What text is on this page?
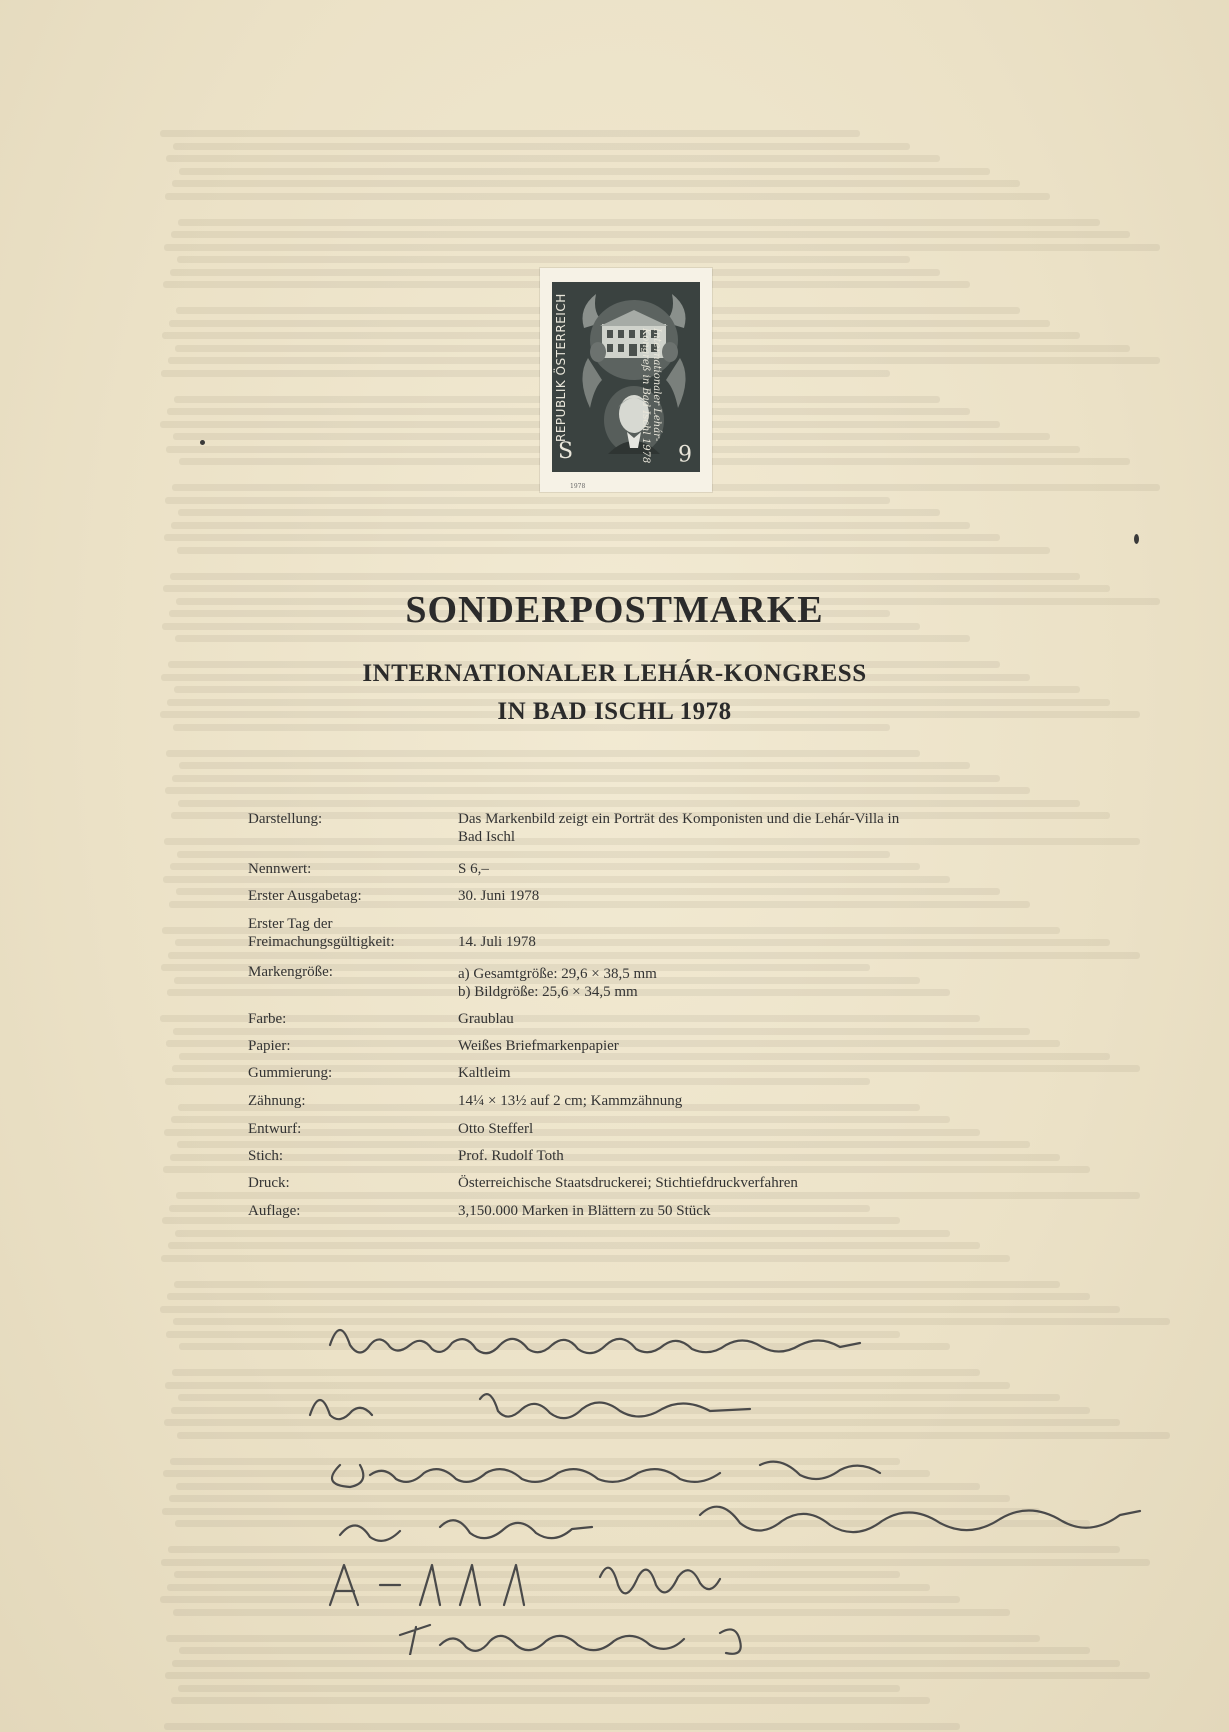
REPUBLIK ÖSTERREICH
S	6
Internationaler Lehár-Kongreß in Bad Ischl 1978
1978
SONDERPOSTMARKE
INTERNATIONALER LEHÁR-KONGRESS
IN BAD ISCHL 1978
Darstellung:	Das Markenbild zeigt ein Porträt des Komponisten und die Lehár-Villa in
Bad Ischl
Nennwert:	S 6,–
Erster Ausgabetag:	30. Juni 1978
Erster Tag der
Freimachungsgültigkeit:	14. Juli 1978
Markengröße:	a) Gesamtgröße: 29,6 × 38,5 mm
b) Bildgröße: 25,6 × 34,5 mm
Farbe:	Graublau
Papier:	Weißes Briefmarkenpapier
Gummierung:	Kaltleim
Zähnung:	14¼ × 13½ auf 2 cm; Kammzähnung
Entwurf:	Otto Stefferl
Stich:	Prof. Rudolf Toth
Druck:	Österreichische Staatsdruckerei; Stichtiefdruckverfahren
Auflage:	3,150.000 Marken in Blättern zu 50 Stück
